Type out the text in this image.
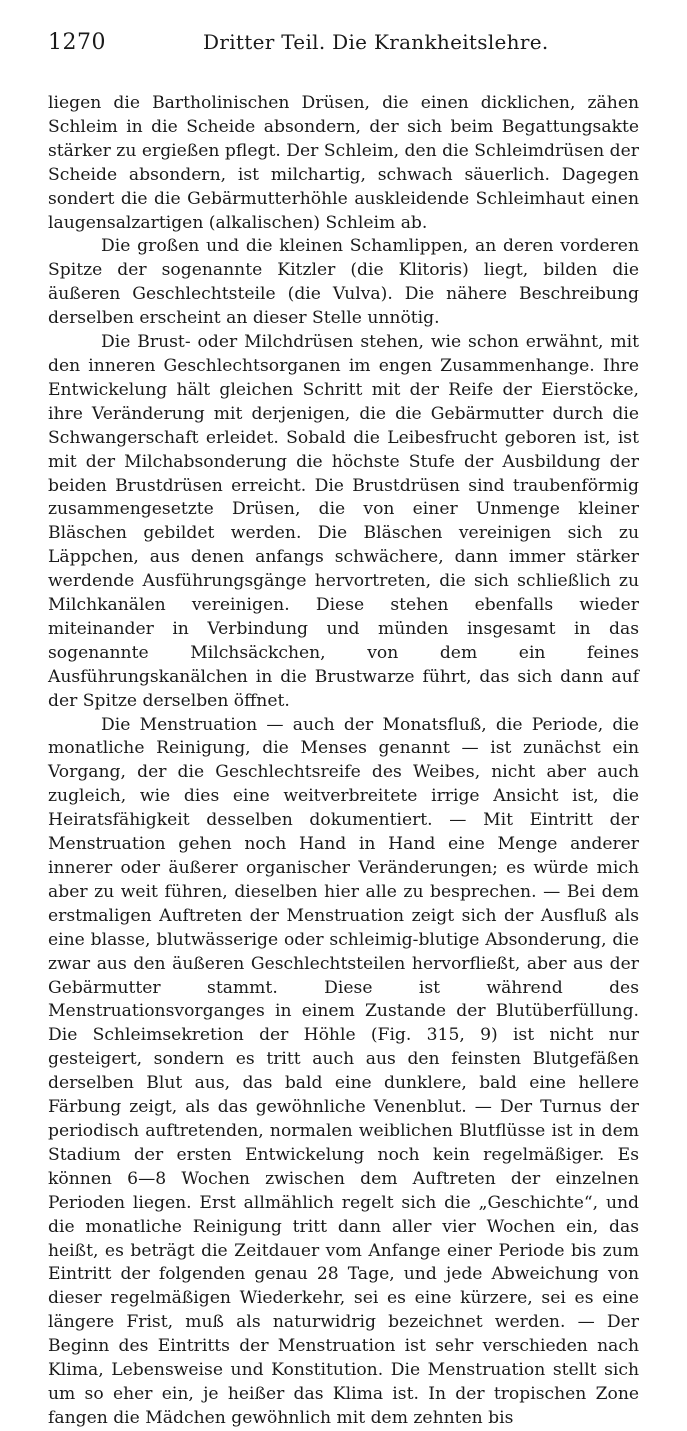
1270	Dritter Teil. Die Krankheitslehre.

liegen die Bartholinischen Drüsen, die einen dicklichen, zähen Schleim in die Scheide absondern, der sich beim Begattungsakte stärker zu ergießen pflegt. Der Schleim, den die Schleimdrüsen der Scheide absondern, ist milchartig, schwach säuerlich. Dagegen sondert die die Gebärmutterhöhle auskleidende Schleimhaut einen laugensalzartigen (alkalischen) Schleim ab.

Die großen und die kleinen Schamlippen, an deren vorderen Spitze der sogenannte Kitzler (die Klitoris) liegt, bilden die äußeren Geschlechtsteile (die Vulva). Die nähere Beschreibung derselben erscheint an dieser Stelle unnötig.

Die Brust- oder Milchdrüsen stehen, wie schon erwähnt, mit den inneren Geschlechtsorganen im engen Zusammenhange. Ihre Entwickelung hält gleichen Schritt mit der Reife der Eierstöcke, ihre Veränderung mit derjenigen, die die Gebärmutter durch die Schwangerschaft erleidet. Sobald die Leibesfrucht geboren ist, ist mit der Milchabsonderung die höchste Stufe der Ausbildung der beiden Brustdrüsen erreicht. Die Brustdrüsen sind traubenförmig zusammengesetzte Drüsen, die von einer Unmenge kleiner Bläschen gebildet werden. Die Bläschen vereinigen sich zu Läppchen, aus denen anfangs schwächere, dann immer stärker werdende Ausführungsgänge hervortreten, die sich schließlich zu Milchkanälen vereinigen. Diese stehen ebenfalls wieder miteinander in Verbindung und münden insgesamt in das sogenannte Milchsäckchen, von dem ein feines Ausführungskanälchen in die Brustwarze führt, das sich dann auf der Spitze derselben öffnet.

Die Menstruation — auch der Monatsfluß, die Periode, die monatliche Reinigung, die Menses genannt — ist zunächst ein Vorgang, der die Geschlechtsreife des Weibes, nicht aber auch zugleich, wie dies eine weitverbreitete irrige Ansicht ist, die Heiratsfähigkeit desselben dokumentiert. — Mit Eintritt der Menstruation gehen noch Hand in Hand eine Menge anderer innerer oder äußerer organischer Veränderungen; es würde mich aber zu weit führen, dieselben hier alle zu besprechen. — Bei dem erstmaligen Auftreten der Menstruation zeigt sich der Ausfluß als eine blasse, blutwässerige oder schleimig-blutige Absonderung, die zwar aus den äußeren Geschlechtsteilen hervorfließt, aber aus der Gebärmutter stammt. Diese ist während des Menstruationsvorganges in einem Zustande der Blutüberfüllung. Die Schleimsekretion der Höhle (Fig. 315, 9) ist nicht nur gesteigert, sondern es tritt auch aus den feinsten Blutgefäßen derselben Blut aus, das bald eine dunklere, bald eine hellere Färbung zeigt, als das gewöhnliche Venenblut. — Der Turnus der periodisch auftretenden, normalen weiblichen Blutflüsse ist in dem Stadium der ersten Entwickelung noch kein regelmäßiger. Es können 6—8 Wochen zwischen dem Auftreten der einzelnen Perioden liegen. Erst allmählich regelt sich die „Geschichte“, und die monatliche Reinigung tritt dann aller vier Wochen ein, das heißt, es beträgt die Zeitdauer vom Anfange einer Periode bis zum Eintritt der folgenden genau 28 Tage, und jede Abweichung von dieser regelmäßigen Wiederkehr, sei es eine kürzere, sei es eine längere Frist, muß als naturwidrig bezeichnet werden. — Der Beginn des Eintritts der Menstruation ist sehr verschieden nach Klima, Lebensweise und Konstitution. Die Menstruation stellt sich um so eher ein, je heißer das Klima ist. In der tropischen Zone fangen die Mädchen gewöhnlich mit dem zehnten bis
